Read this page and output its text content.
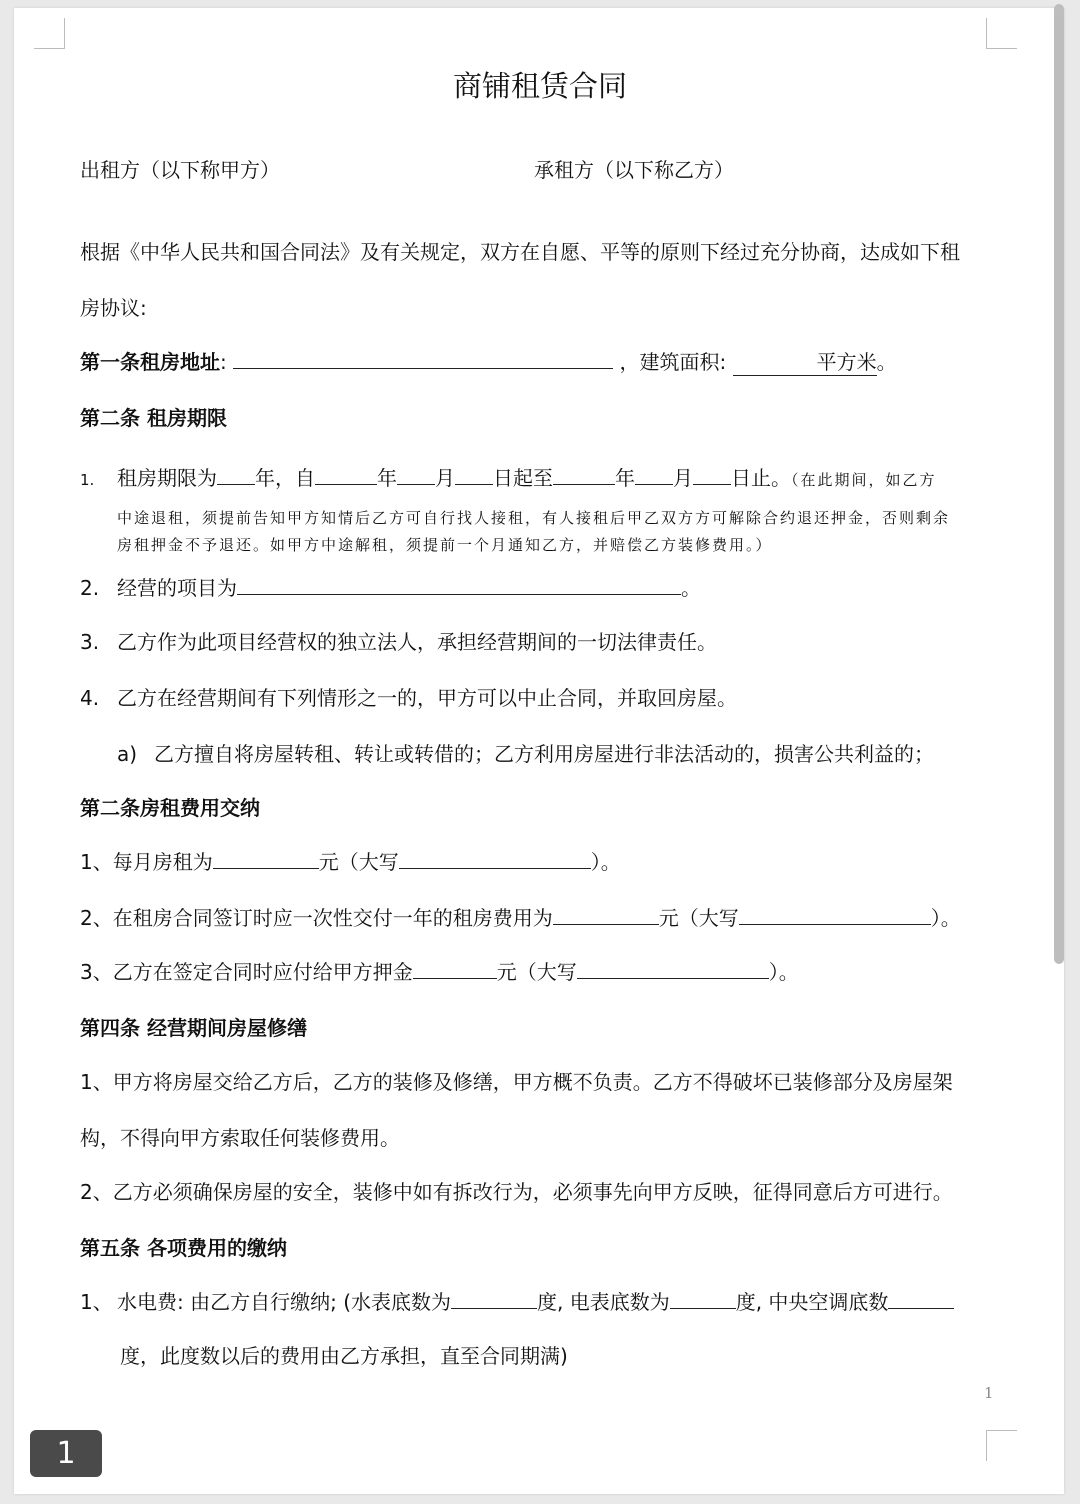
商铺租赁合同
出租方（以下称甲方）	承租方（以下称乙方）
根据《中华人民共和国合同法》及有关规定，双方在自愿、平等的原则下经过充分协商，达成如下租
房协议:
第一条租房地址:	，建筑面积:	平方米。
第二条 租房期限
1. 租房期限为 年，自	年 月 日起至	年 月 日止。（在此期间，如乙方
中途退租，须提前告知甲方知情后乙方可自行找人接租，有人接租后甲乙双方方可解除合约退还押金，否则剩余
房租押金不予退还。如甲方中途解租，须提前一个月通知乙方，并赔偿乙方装修费用。）
2. 经营的项目为	。
3. 乙方作为此项目经营权的独立法人，承担经营期间的一切法律责任。
4. 乙方在经营期间有下列情形之一的，甲方可以中止合同，并取回房屋。
a) 乙方擅自将房屋转租、转让或转借的；乙方利用房屋进行非法活动的，损害公共利益的；
第二条房租费用交纳
1、每月房租为	元（大写	）。
2、在租房合同签订时应一次性交付一年的租房费用为	元（大写	）。
3、乙方在签定合同时应付给甲方押金	元（大写	）。
第四条 经营期间房屋修缮
1、甲方将房屋交给乙方后，乙方的装修及修缮，甲方概不负责。乙方不得破坏已装修部分及房屋架
构，不得向甲方索取任何装修费用。
2、乙方必须确保房屋的安全，装修中如有拆改行为，必须事先向甲方反映，征得同意后方可进行。
第五条 各项费用的缴纳
1、 水电费: 由乙方自行缴纳; (水表底数为	度, 电表底数为	度, 中央空调底数
度，此度数以后的费用由乙方承担，直至合同期满)
1
1
